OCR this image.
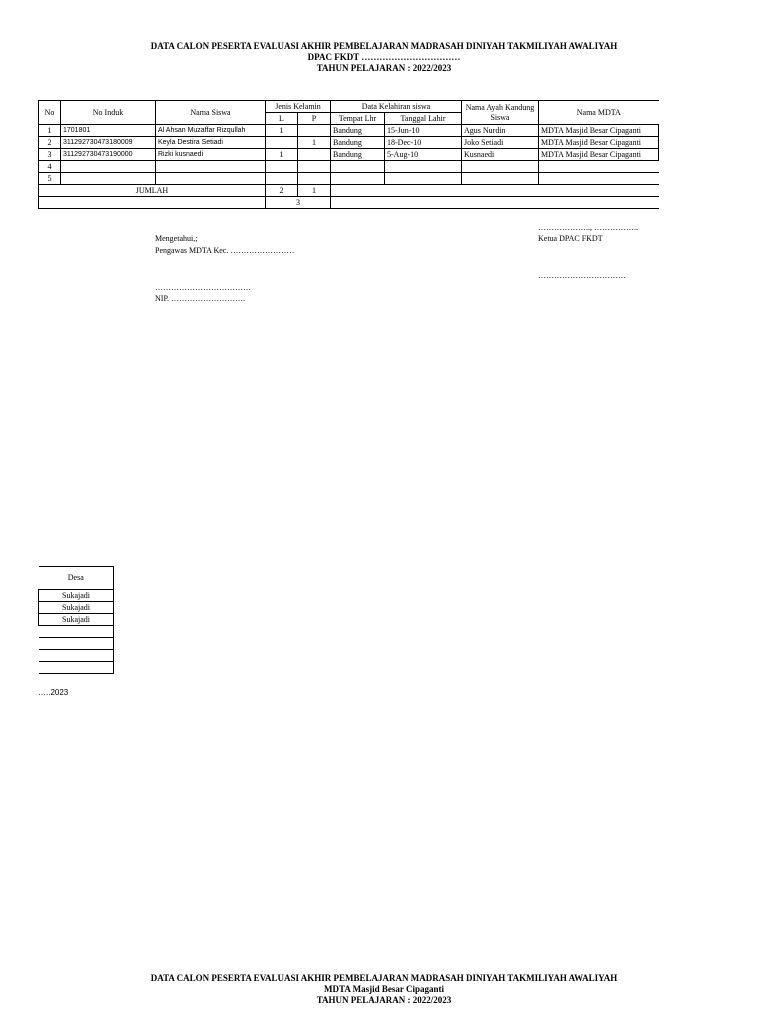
DATA CALON PESERTA EVALUASI AKHIR PEMBELAJARAN MADRASAH DINIYAH TAKMILIYAH AWALIYAH
DPAC FKDT ……………………………
TAHUN PELAJARAN : 2022/2023
No	No Induk	Nama Siswa	Jenis Kelamin		Data Kelahiran siswa		Nama Ayah Kandung Siswa	Nama MDTA
			L	P	Tempat Lhr	Tanggal Lahir		
1	1701801	Al Ahsan Muzaffar Rizqullah	1		Bandung	15-Jun-10	Agus Nurdin	MDTA Masjid Besar Cipaganti
2	311292730473180009	Keyla Destira Setiadi		1	Bandung	18-Dec-10	Joko Setiadi	MDTA Masjid Besar Cipaganti
3	311292730473190000	Rizki kusnaedi	1		Bandung	5-Aug-10	Kusnaedi	MDTA Masjid Besar Cipaganti
4								
5								
JUMLAH			2	1				
			3					
Mengetahui,;
Pengawas MDTA Kec. ……………………
………………………………
NIP. ……………………….
……………….., ……………..
Ketua DPAC FKDT
……………………………
Desa
Sukajadi
Sukajadi
Sukajadi

…..2023
DATA CALON PESERTA EVALUASI AKHIR PEMBELAJARAN MADRASAH DINIYAH TAKMILIYAH AWALIYAH
MDTA Masjid Besar Cipaganti
TAHUN PELAJARAN : 2022/2023
